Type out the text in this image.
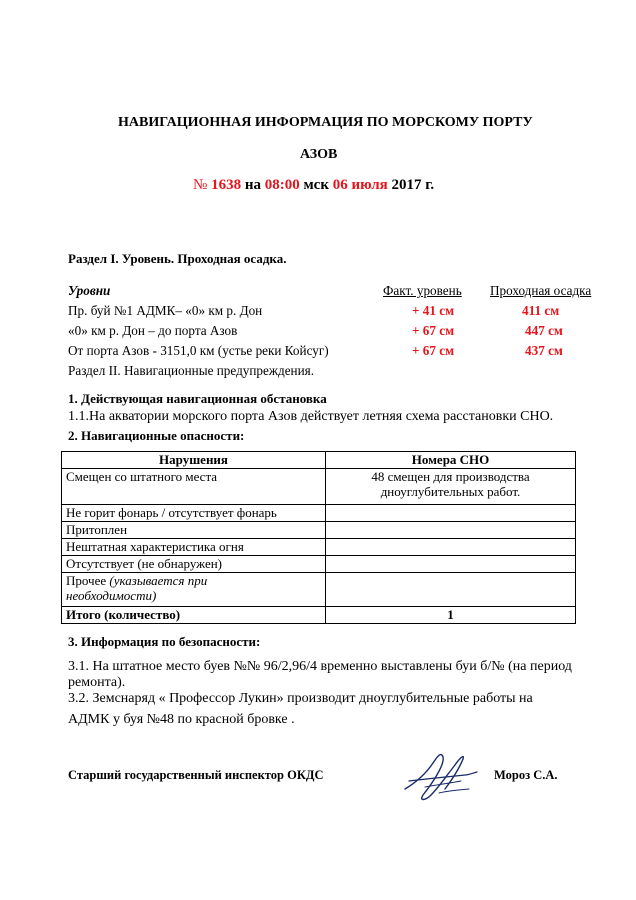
НАВИГАЦИОННАЯ ИНФОРМАЦИЯ ПО МОРСКОМУ ПОРТУ
АЗОВ
№ 1638 на 08:00 мск 06 июля 2017 г.
Раздел I. Уровень. Проходная осадка.
Уровни	Факт. уровень Проходная осадка
Пр. буй №1 АДМК– «0» км р. Дон	+ 41 см	411 см
«0» км р. Дон – до порта Азов	+ 67 см	447 см
От порта Азов - 3151,0 км (устье реки Койсуг)	+ 67 см	437 см
Раздел II. Навигационные предупреждения.
1. Действующая навигационная обстановка
1.1.На акватории морского порта Азов действует летняя схема расстановки СНО.
2. Навигационные опасности:
Нарушения	Номера СНО
Смещен со штатного места	48 смещен для производства
дноуглубительных работ.

Не горит фонарь / отсутствует фонарь	
Притоплен	
Нештатная характеристика огня	
Отсутствует (не обнаружен)	

Прочее (указывается при
необходимости)	

Итого (количество)	1
3. Информация по безопасности:
3.1. На штатное место буев №№ 96/2,96/4 временно выставлены буи б/№ (на период
ремонта).
3.2. Земснаряд « Профессор Лукин» производит дноуглубительные работы на
АДМК у буя №48 по красной бровке .
Старший государственный инспектор ОКДС	Мороз С.А.
